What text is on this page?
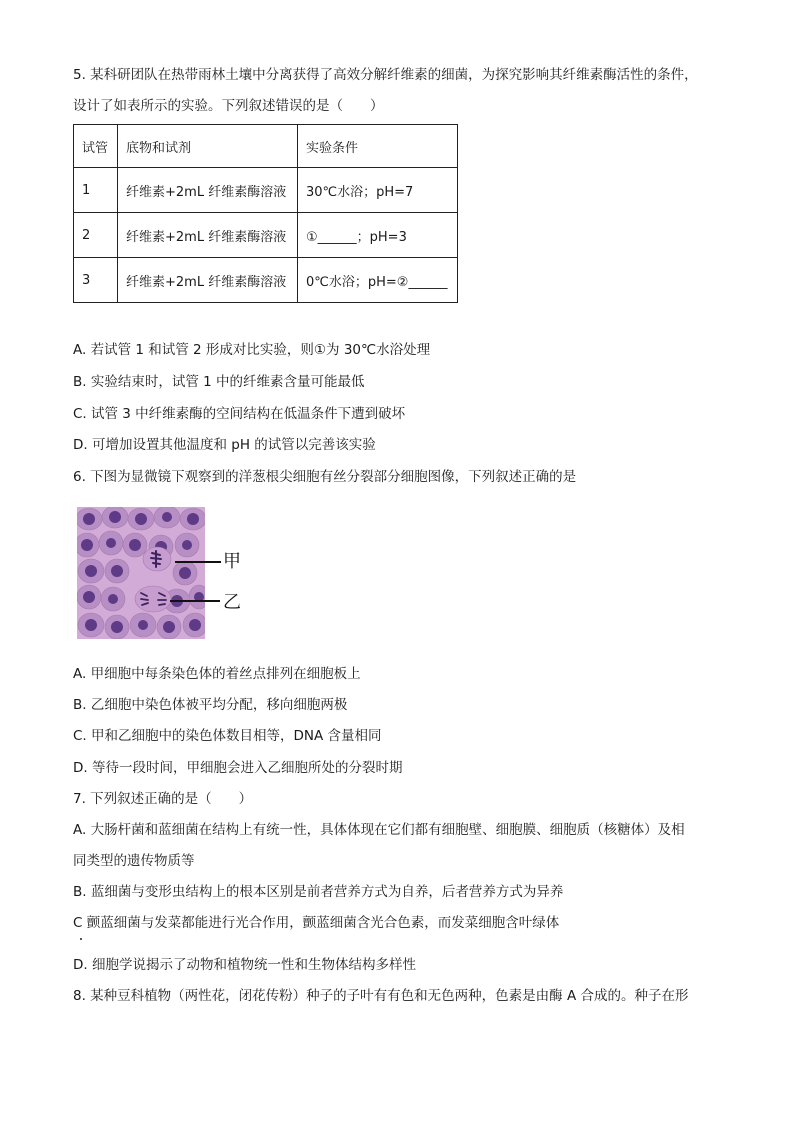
5. 某科研团队在热带雨林土壤中分离获得了高效分解纤维素的细菌，为探究影响其纤维素酶活性的条件，
设计了如表所示的实验。下列叙述错误的是（　　）
试管	底物和试剂	实验条件
1	纤维素+2mL 纤维素酶溶液	30℃水浴；pH=7
2	纤维素+2mL 纤维素酶溶液	①______；pH=3
3	纤维素+2mL 纤维素酶溶液	0℃水浴；pH=②______
A. 若试管 1 和试管 2 形成对比实验，则①为 30℃水浴处理
B. 实验结束时，试管 1 中的纤维素含量可能最低
C. 试管 3 中纤维素酶的空间结构在低温条件下遭到破坏
D. 可增加设置其他温度和 pH 的试管以完善该实验
6. 下图为显微镜下观察到的洋葱根尖细胞有丝分裂部分细胞图像，下列叙述正确的是
甲
乙
A. 甲细胞中每条染色体的着丝点排列在细胞板上
B. 乙细胞中染色体被平均分配，移向细胞两极
C. 甲和乙细胞中的染色体数目相等，DNA 含量相同
D. 等待一段时间，甲细胞会进入乙细胞所处的分裂时期
7. 下列叙述正确的是（　　）
A. 大肠杆菌和蓝细菌在结构上有统一性，具体体现在它们都有细胞壁、细胞膜、细胞质（核糖体）及相
同类型的遗传物质等
B. 蓝细菌与变形虫结构上的根本区别是前者营养方式为自养，后者营养方式为异养
C 颤蓝细菌与发菜都能进行光合作用，颤蓝细菌含光合色素，而发菜细胞含叶绿体
D. 细胞学说揭示了动物和植物统一性和生物体结构多样性
8. 某种豆科植物（两性花，闭花传粉）种子的子叶有有色和无色两种，色素是由酶 A 合成的。种子在形
